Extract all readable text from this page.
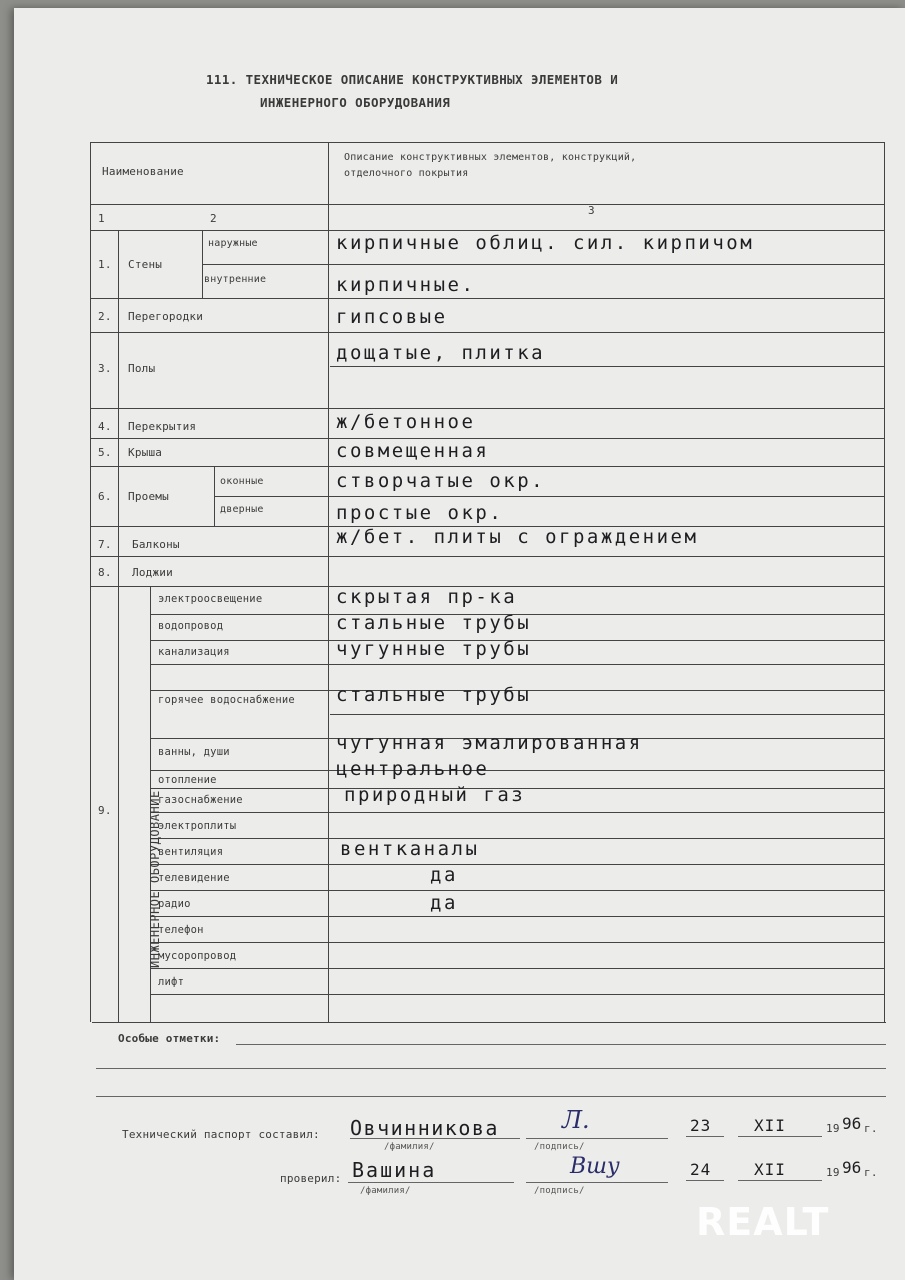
111. ТЕХНИЧЕСКОЕ ОПИСАНИЕ КОНСТРУКТИВНЫХ ЭЛЕМЕНТОВ И
ИНЖЕНЕРНОГО ОБОРУДОВАНИЯ
Наименование
Описание конструктивных элементов, конструкций,
отделочного покрытия
1	2
3
1. Стены
наружные	кирпичные облиц. сил. кирпичом
внутренние	кирпичные.
2. Перегородки	гипсовые
3. Полы
дощатые, плитка
4. Перекрытия	ж/бетонное
5. Крыша	совмещенная
6. Проемы
оконные	створчатые окр.
дверные	простые окр.
7. Балконы	ж/бет. плиты с ограждением
8. Лоджии
9.	ИНЖЕНЕРНОЕ ОБОРУДОВАНИЕ
электроосвещение	скрытая пр-ка
водопровод	стальные трубы
канализация	чугунные трубы
горячее водоснабжение стальные трубы
ванны, души	чугунная эмалированная
отопление	центральное
газоснабжение	природный газ
электроплиты
вентиляция	вентканалы
телевидение	да
радио	да
телефон
мусоропровод
лифт
Особые отметки:
Технический паспорт составил: Овчинникова
/фамилия/
Л.
/подпись/
23	XII	19 96 г.
проверил: Вашина
/фамилия/
Вшу
/подпись/
24	XII	19 96 г.
REALT
